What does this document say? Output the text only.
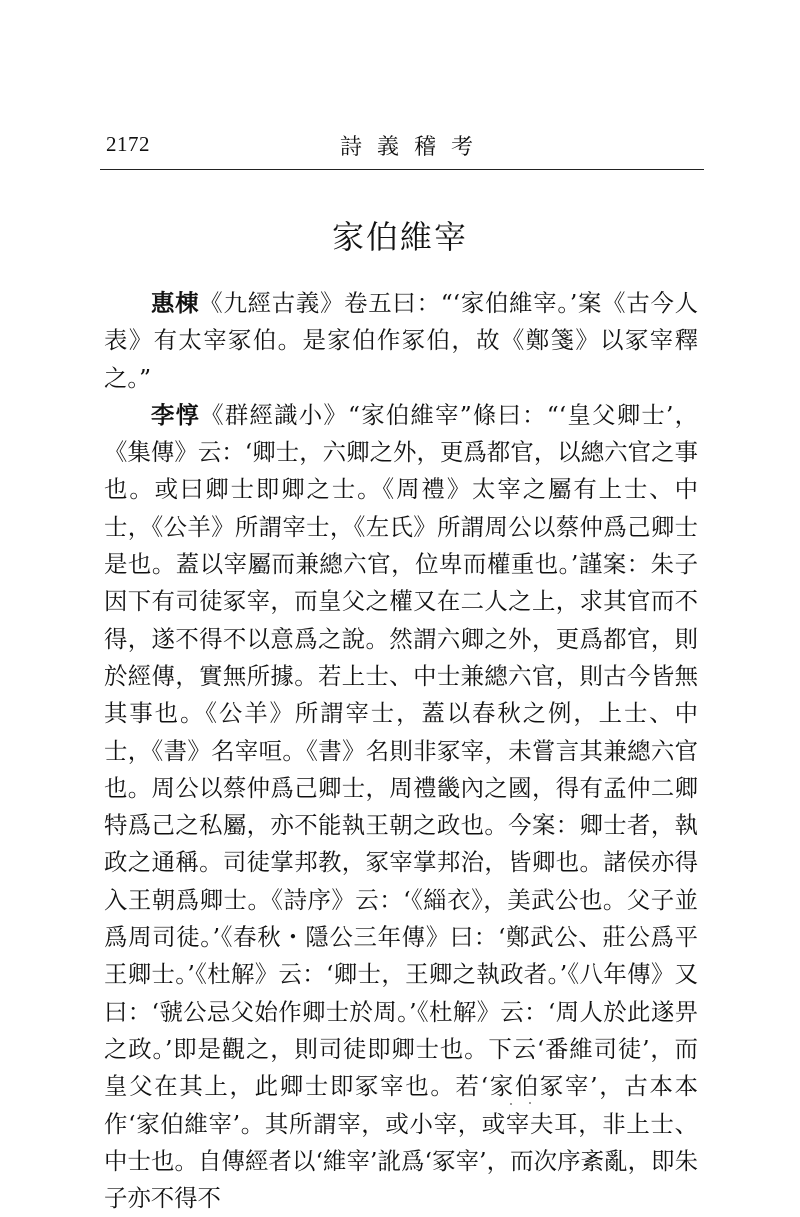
2172	詩 義 稽 考
家伯維宰

惠棟《九經古義》卷五曰：“‘家伯維宰。’案《古今人表》有太宰冢伯。是家伯作冢伯，故《鄭箋》以冢宰釋之。”

李惇《群經識小》“家伯維宰”條曰：“‘皇父卿士’，《集傳》云：‘卿士，六卿之外，更爲都官，以總六官之事也。或曰卿士即卿之士。《周禮》太宰之屬有上士、中士，《公羊》所謂宰士，《左氏》所謂周公以蔡仲爲己卿士是也。蓋以宰屬而兼總六官，位卑而權重也。’謹案：朱子因下有司徒冢宰，而皇父之權又在二人之上，求其官而不得，遂不得不以意爲之說。然謂六卿之外，更爲都官，則於經傳，實無所據。若上士、中士兼總六官，則古今皆無其事也。《公羊》所謂宰士，蓋以春秋之例，上士、中士，《書》名宰咺。《書》名則非冢宰，未嘗言其兼總六官也。周公以蔡仲爲己卿士，周禮畿內之國，得有孟仲二卿特爲己之私屬，亦不能執王朝之政也。今案：卿士者，執政之通稱。司徒掌邦教，冢宰掌邦治，皆卿也。諸侯亦得入王朝爲卿士。《詩序》云：‘《緇衣》，美武公也。父子並爲周司徒。’《春秋・隱公三年傳》曰：‘鄭武公、莊公爲平王卿士。’《杜解》云：‘卿士，王卿之執政者。’《八年傳》又曰：‘虢公忌父始作卿士於周。’《杜解》云：‘周人於此遂畀之政。’即是觀之，則司徒即卿士也。下云‘番維司徒’，而皇父在其上，此卿士即冢宰也。若‘家伯冢宰’，古本本作‘家伯維宰’。其所謂宰，或小宰，或宰夫耳，非上士、中士也。自傳經者以‘維宰’訛爲‘冢宰’，而次序紊亂，即朱子亦不得不
